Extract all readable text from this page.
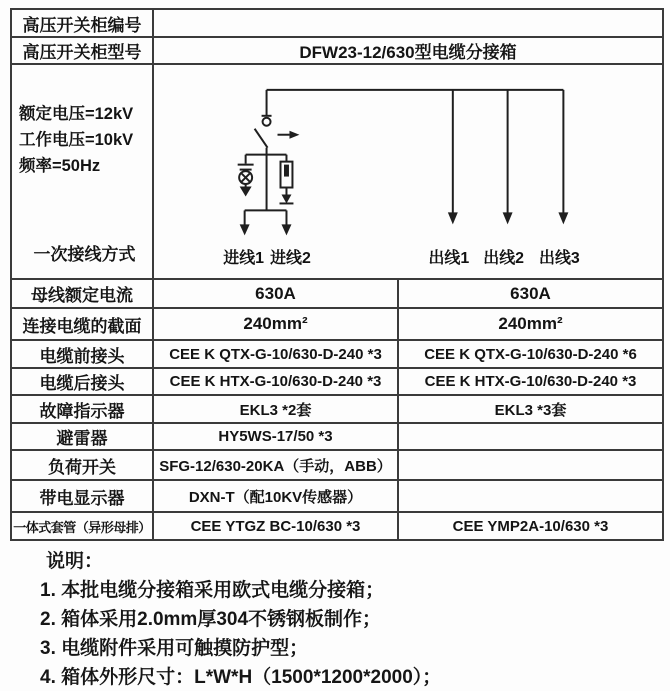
高压开关柜编号		
高压开关柜型号	DFW23-12/630型电缆分接箱	

额定电压=12kV
工作电压=10kV
频率=50Hz
一次接线方式	进线1 进线2	出线1 出线2 出线3

母线额定电流	630A	630A
连接电缆的截面	240mm²	240mm²
电缆前接头	CEE K QTX-G-10/630-D-240 *3	CEE K QTX-G-10/630-D-240 *6
电缆后接头	CEE K HTX-G-10/630-D-240 *3	CEE K HTX-G-10/630-D-240 *3
故障指示器	EKL3 *2套	EKL3 *3套
避雷器	HY5WS-17/50 *3	
负荷开关	SFG-12/630-20KA（手动，ABB）	
带电显示器	DXN-T（配10KV传感器）	
一体式套管（异形母排）	CEE YTGZ BC-10/630 *3	CEE YMP2A-10/630 *3
说明：
1. 本批电缆分接箱采用欧式电缆分接箱；
2. 箱体采用2.0mm厚304不锈钢板制作；
3. 电缆附件采用可触摸防护型；
4. 箱体外形尺寸：L*W*H（1500*1200*2000）；
